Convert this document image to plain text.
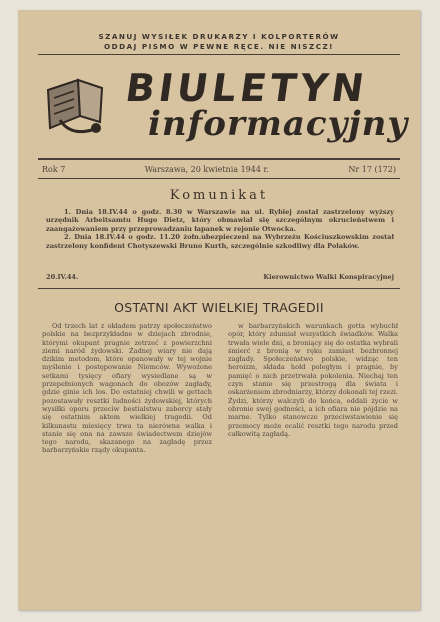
SZANUJ WYSIŁEK DRUKARZY I KOLPORTERÓW
ODDAJ PISMO W PEWNE RĘCE. NIE NISZCZ!
BIULETYN
informacyjny
Rok 7	Warszawa, 20 kwietnia 1944 r.	Nr 17 (172)
Komunikat

1. Dnia 18.IV.44 o godz. 8.30 w Warszawie na ul. Rybiej został zastrzelony wyższy urzędnik Arbeitsamtu Hugo Dietz, który obmawiał się szczególnym okrucieństwem i zaangażowaniem przy przeprowadzaniu łapanek w rejonie Otwocka.

2. Dnia 18.IV.44 o godz. 11.20 żołn.ubezpieczeni na Wybrzeżu Kościuszkowskim został zastrzelony konfident Chotyszewski Bruno Kurth, szczególnie szkodliwy dla Polaków.

20.IV.44.	Kierownictwo Walki Konspiracyjnej
OSTATNI AKT WIELKIEJ TRAGEDII

Od trzech lat z okładem patrzy społeczeństwo polskie na bezprzykładne w dziejach zbrodnie, którymi okupant pragnie zetrzeć z powierzchni ziemi naród żydowski. Żadnej wiary nie dają dzikim metodom, które opanowały w tej wojnie myślenie i postępowanie Niemców. Wywożone setkami tysięcy ofiary wysiedlane są w przepełnionych wagonach do obozów zagłady, gdzie ginie ich los. Do ostatniej chwili w gettach pozostawały resztki ludności żydowskiej, których wysiłki oporu przeciw bestialstwu zaborcy stały się ostatnim aktem wielkiej tragedii. Od kilkunastu miesięcy trwa ta nierówna walka i stanie się ona na zawsze świadectwem dziejów tego narodu, skazanego na zagładę przez barbarzyńskie rządy okupanta.

w barbarzyńskich warunkach getta wybuchł opór, który zdumiał wszystkich świadków. Walka trwała wiele dni, a broniący się do ostatka wybrali śmierć z bronią w ręku zamiast bezbronnej zagłady. Społeczeństwo polskie, widząc ten heroizm, składa hołd poległym i pragnie, by pamięć o nich przetrwała pokolenia. Niechaj ten czyn stanie się przestrogą dla świata i oskarżeniem zbrodniarzy, którzy dokonali tej rzezi. Żydzi, którzy walczyli do końca, oddali życie w obronie swej godności, a ich ofiara nie pójdzie na marne. Tylko stanowcze przeciwstawienie się przemocy może ocalić resztki tego narodu przed całkowitą zagładą.
